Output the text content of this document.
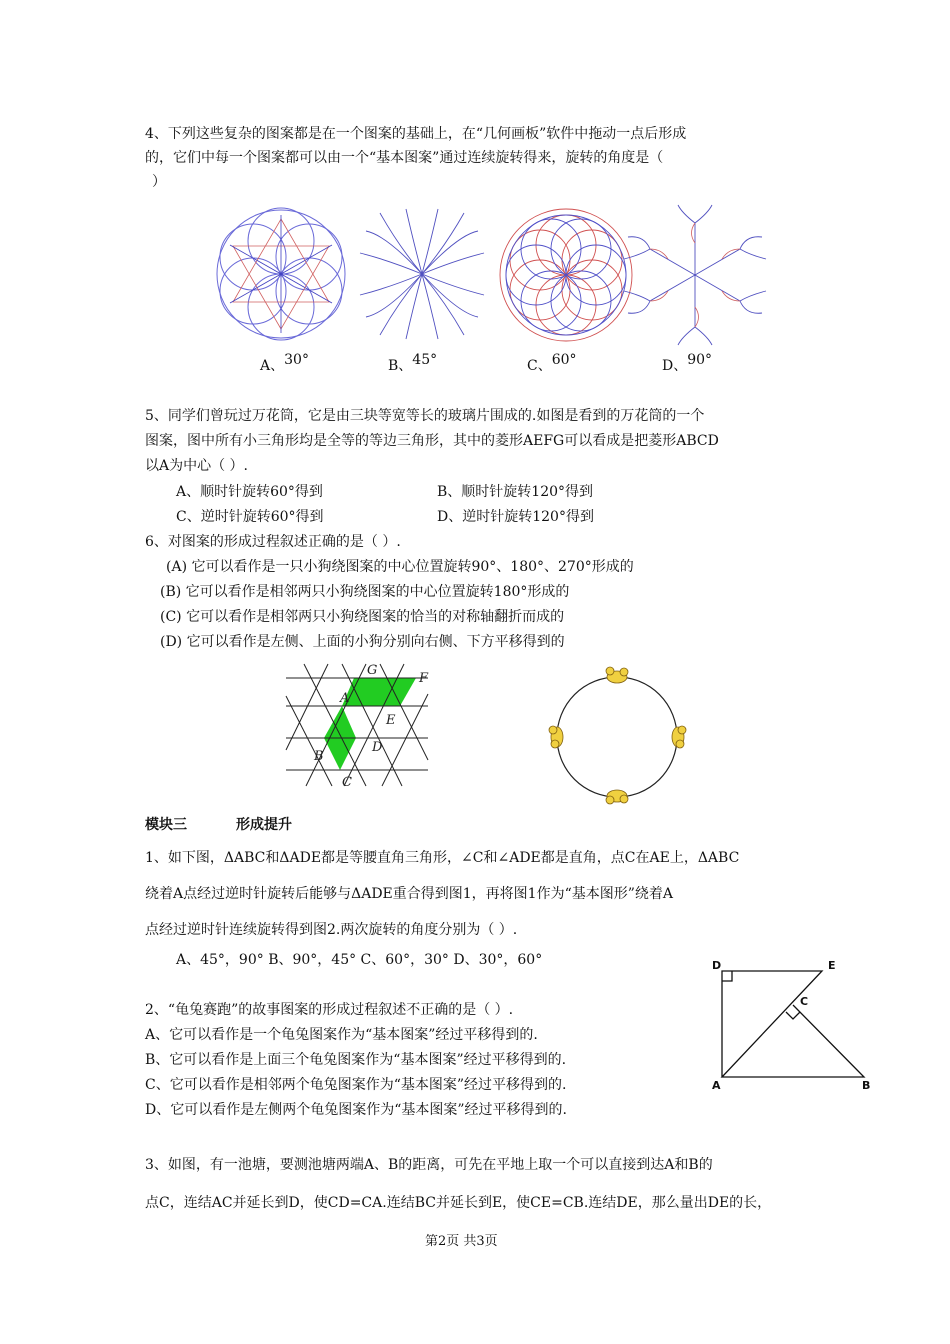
4、下列这些复杂的图案都是在一个图案的基础上，在“几何画板”软件中拖动一点后形成
的，它们中每一个图案都可以由一个“基本图案”通过连续旋转得来，旋转的角度是（
）
A、30°	B、45°	C、60°	D、90°
5、同学们曾玩过万花筒，它是由三块等宽等长的玻璃片围成的.如图是看到的万花筒的一个
图案，图中所有小三角形均是全等的等边三角形，其中的菱形AEFG可以看成是把菱形ABCD
以A为中心（ ）.
A、顺时针旋转60°得到	B、顺时针旋转120°得到
C、逆时针旋转60°得到	D、逆时针旋转120°得到
6、对图案的形成过程叙述正确的是（ ）.
(A) 它可以看作是一只小狗绕图案的中心位置旋转90°、180°、270°形成的
(B) 它可以看作是相邻两只小狗绕图案的中心位置旋转180°形成的
(C) 它可以看作是相邻两只小狗绕图案的恰当的对称轴翻折而成的
(D) 它可以看作是左侧、上面的小狗分别向右侧、下方平移得到的
G
F
A
E
D
B
C
模块三	形成提升
1、如下图，ΔABC和ΔADE都是等腰直角三角形，∠C和∠ADE都是直角，点C在AE上，ΔABC
绕着A点经过逆时针旋转后能够与ΔADE重合得到图1，再将图1作为“基本图形”绕着A
点经过逆时针连续旋转得到图2.两次旋转的角度分别为（ ）.
A、45°，90° B、90°，45° C、60°，30° D、30°，60°	D	E
C
A	B
2、“龟兔赛跑”的故事图案的形成过程叙述不正确的是（ ）.
A、它可以看作是一个龟兔图案作为“基本图案”经过平移得到的.
B、它可以看作是上面三个龟兔图案作为“基本图案”经过平移得到的.
C、它可以看作是相邻两个龟兔图案作为“基本图案”经过平移得到的.
D、它可以看作是左侧两个龟兔图案作为“基本图案”经过平移得到的.
3、如图，有一池塘，要测池塘两端A、B的距离，可先在平地上取一个可以直接到达A和B的
点C，连结AC并延长到D，使CD=CA.连结BC并延长到E，使CE=CB.连结DE，那么量出DE的长，
第2页 共3页
